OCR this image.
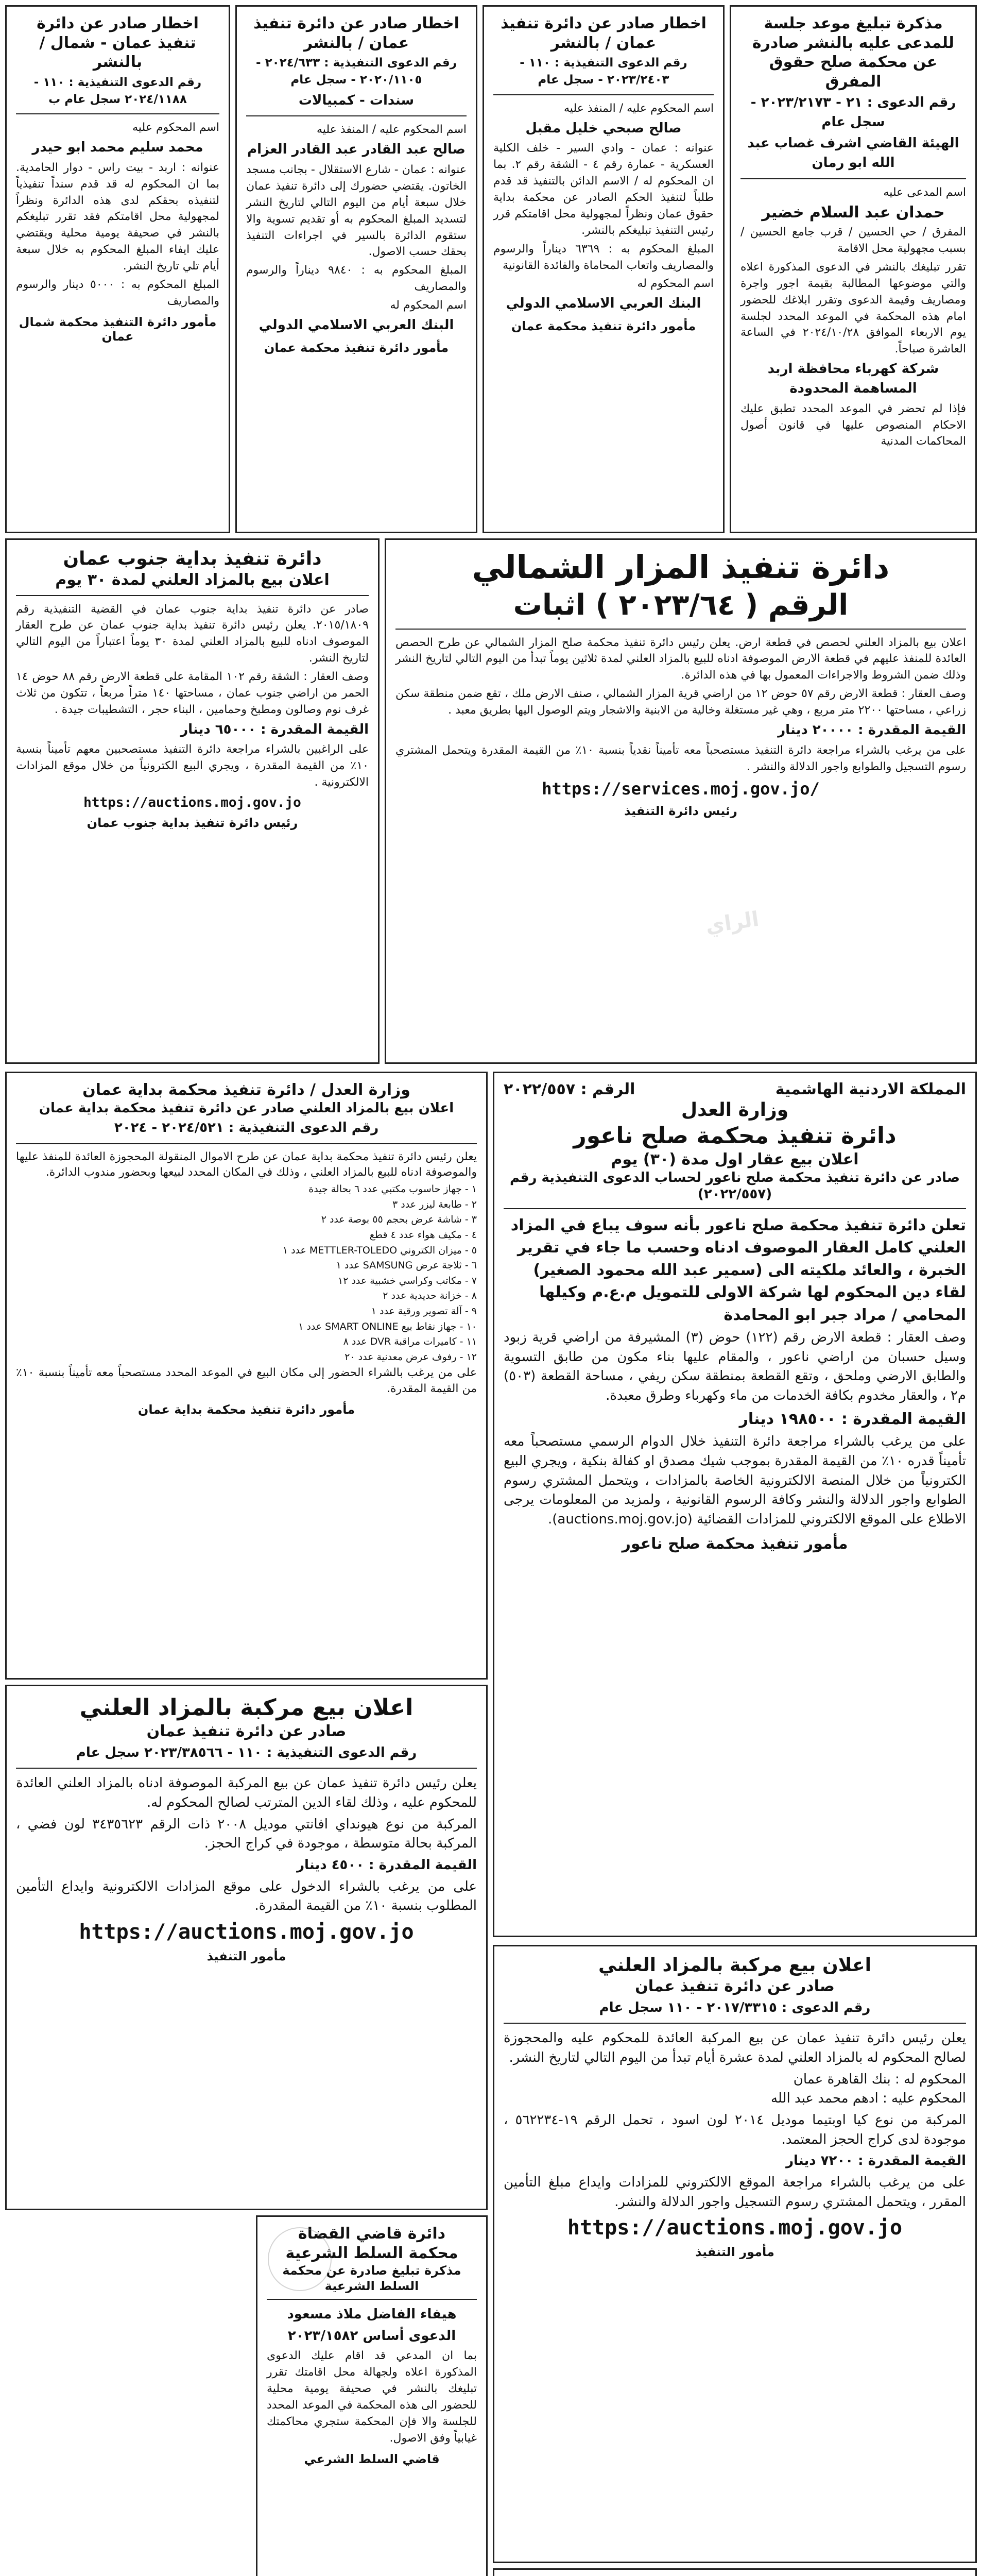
مذكرة تبليغ موعد جلسة للمدعى عليه بالنشر صادرة عن محكمة صلح حقوق المفرق
رقم الدعوى : ٢١ - ٢٠٢٣/٢١٧٣ - سجل عام
الهيئة القاضي اشرف غصاب عبد الله ابو رمان
اسم المدعى عليه
حمدان عبد السلام خضير
المفرق / حي الحسين / قرب جامع الحسين / بسبب مجهولية محل الاقامة
تقرر تبليغك بالنشر في الدعوى المذكورة اعلاه والتي موضوعها المطالبة بقيمة اجور واجرة ومصاريف وقيمة الدعوى وتقرر ابلاغك للحضور امام هذه المحكمة في الموعد المحدد لجلسة يوم الاربعاء الموافق ٢٠٢٤/١٠/٢٨ في الساعة العاشرة صباحاً.
شركة كهرباء محافظة اربد المساهمة المحدودة
فإذا لم تحضر في الموعد المحدد تطبق عليك الاحكام المنصوص عليها في قانون أصول المحاكمات المدنية
اخطار صادر عن دائرة تنفيذ عمان / بالنشر
رقم الدعوى التنفيذية : ١١٠ - ٢٠٢٣/٢٤٠٣ - سجل عام
اسم المحكوم عليه / المنفذ عليه
صالح صبحي خليل مقبل
عنوانه : عمان - وادي السير - خلف الكلية العسكرية - عمارة رقم ٤ - الشقة رقم ٢. بما ان المحكوم له / الاسم الدائن بالتنفيذ قد قدم طلباً لتنفيذ الحكم الصادر عن محكمة بداية حقوق عمان ونظراً لمجهولية محل اقامتكم قرر رئيس التنفيذ تبليغكم بالنشر.
المبلغ المحكوم به : ٦٣٦٩ ديناراً والرسوم والمصاريف واتعاب المحاماة والفائدة القانونية
اسم المحكوم له
البنك العربي الاسلامي الدولي
مأمور دائرة تنفيذ محكمة عمان
اخطار صادر عن دائرة تنفيذ عمان / بالنشر
رقم الدعوى التنفيذية : ٢٠٢٤/٦٣٣ - ٢٠٢٠/١١٠٥ - سجل عام
سندات - كمبيالات
اسم المحكوم عليه / المنفذ عليه
صالح عبد القادر عبد القادر العزام
عنوانه : عمان - شارع الاستقلال - بجانب مسجد الخاتون. يقتضي حضورك إلى دائرة تنفيذ عمان خلال سبعة أيام من اليوم التالي لتاريخ النشر لتسديد المبلغ المحكوم به أو تقديم تسوية والا ستقوم الدائرة بالسير في اجراءات التنفيذ بحقك حسب الاصول.
المبلغ المحكوم به : ٩٨٤٠ ديناراً والرسوم والمصاريف
اسم المحكوم له
البنك العربي الاسلامي الدولي
مأمور دائرة تنفيذ محكمة عمان
اخطار صادر عن دائرة تنفيذ عمان - شمال / بالنشر
رقم الدعوى التنفيذية : ١١٠ - ٢٠٢٤/١١٨٨ سجل عام ب
اسم المحكوم عليه
محمد سليم محمد ابو حيدر
عنوانه : اربد - بيت راس - دوار الحامدية. بما ان المحكوم له قد قدم سنداً تنفيذياً لتنفيذه بحقكم لدى هذه الدائرة ونظراً لمجهولية محل اقامتكم فقد تقرر تبليغكم بالنشر في صحيفة يومية محلية ويقتضي عليك ايفاء المبلغ المحكوم به خلال سبعة أيام تلي تاريخ النشر.
المبلغ المحكوم به : ٥٠٠٠ دينار والرسوم والمصاريف
مأمور دائرة التنفيذ محكمة شمال عمان
دائرة تنفيذ المزار الشمالي
الرقم ( ٢٠٢٣/٦٤ ) اثبات
اعلان بيع بالمزاد العلني لحصص في قطعة ارض. يعلن رئيس دائرة تنفيذ محكمة صلح المزار الشمالي عن طرح الحصص العائدة للمنفذ عليهم في قطعة الارض الموصوفة ادناه للبيع بالمزاد العلني لمدة ثلاثين يوماً تبدأ من اليوم التالي لتاريخ النشر وذلك ضمن الشروط والاجراءات المعمول بها في هذه الدائرة.
وصف العقار : قطعة الارض رقم ٥٧ حوض ١٢ من اراضي قرية المزار الشمالي ، صنف الارض ملك ، تقع ضمن منطقة سكن زراعي ، مساحتها ٢٢٠٠ متر مربع ، وهي غير مستغلة وخالية من الابنية والاشجار ويتم الوصول اليها بطريق معبد .
القيمة المقدرة : ٢٠٠٠٠ دينار
على من يرغب بالشراء مراجعة دائرة التنفيذ مستصحباً معه تأميناً نقدياً بنسبة ١٠٪ من القيمة المقدرة ويتحمل المشتري رسوم التسجيل والطوابع واجور الدلالة والنشر .
https://services.moj.gov.jo/
رئيس دائرة التنفيذ
الراي
دائرة تنفيذ بداية جنوب عمان
اعلان بيع بالمزاد العلني لمدة ٣٠ يوم
صادر عن دائرة تنفيذ بداية جنوب عمان في القضية التنفيذية رقم ٢٠١٥/١٨٠٩. يعلن رئيس دائرة تنفيذ بداية جنوب عمان عن طرح العقار الموصوف ادناه للبيع بالمزاد العلني لمدة ٣٠ يوماً اعتباراً من اليوم التالي لتاريخ النشر.
وصف العقار : الشقة رقم ١٠٢ المقامة على قطعة الارض رقم ٨٨ حوض ١٤ الحمر من اراضي جنوب عمان ، مساحتها ١٤٠ متراً مربعاً ، تتكون من ثلاث غرف نوم وصالون ومطبخ وحمامين ، البناء حجر ، التشطيبات جيدة .
القيمة المقدرة : ٦٥٠٠٠ دينار
على الراغبين بالشراء مراجعة دائرة التنفيذ مستصحبين معهم تأميناً بنسبة ١٠٪ من القيمة المقدرة ، ويجري البيع الكترونياً من خلال موقع المزادات الالكترونية .
https://auctions.moj.gov.jo
رئيس دائرة تنفيذ بداية جنوب عمان
المملكة الاردنية الهاشمية
الرقم : ٢٠٢٢/٥٥٧
وزارة العدل
دائرة تنفيذ محكمة صلح ناعور
اعلان بيع عقار اول مدة (٣٠) يوم
صادر عن دائرة تنفيذ محكمة صلح ناعور لحساب الدعوى التنفيذية رقم (٢٠٢٢/٥٥٧)
تعلن دائرة تنفيذ محكمة صلح ناعور بأنه سوف يباع في المزاد العلني كامل العقار الموصوف ادناه وحسب ما جاء في تقرير الخبرة ، والعائد ملكيته الى (سمير عبد الله محمود الصغير) لقاء دين المحكوم لها شركة الاولى للتمويل م.ع.م وكيلها المحامي / مراد جبر ابو المحامدة
وصف العقار : قطعة الارض رقم (١٢٢) حوض (٣) المشيرفة من اراضي قرية زبود وسيل حسبان من اراضي ناعور ، والمقام عليها بناء مكون من طابق التسوية والطابق الارضي وملحق ، وتقع القطعة بمنطقة سكن ريفي ، مساحة القطعة (٥٠٣) م٢ ، والعقار مخدوم بكافة الخدمات من ماء وكهرباء وطرق معبدة.
القيمة المقدرة : ١٩٨٥٠٠ دينار
على من يرغب بالشراء مراجعة دائرة التنفيذ خلال الدوام الرسمي مستصحباً معه تأميناً قدره ١٠٪ من القيمة المقدرة بموجب شيك مصدق او كفالة بنكية ، ويجري البيع الكترونياً من خلال المنصة الالكترونية الخاصة بالمزادات ، ويتحمل المشتري رسوم الطوابع واجور الدلالة والنشر وكافة الرسوم القانونية ، ولمزيد من المعلومات يرجى الاطلاع على الموقع الالكتروني للمزادات القضائية (auctions.moj.gov.jo).
مأمور تنفيذ محكمة صلح ناعور
وزارة العدل / دائرة تنفيذ محكمة بداية عمان
اعلان بيع بالمزاد العلني صادر عن دائرة تنفيذ محكمة بداية عمان
رقم الدعوى التنفيذية : ٢٠٢٤/٥٢١ - ٢٠٢٤
يعلن رئيس دائرة تنفيذ محكمة بداية عمان عن طرح الاموال المنقولة المحجوزة العائدة للمنفذ عليها والموصوفة ادناه للبيع بالمزاد العلني ، وذلك في المكان المحدد لبيعها وبحضور مندوب الدائرة.
١ - جهاز حاسوب مكتبي عدد ٦ بحالة جيدة
٢ - طابعة ليزر عدد ٣
٣ - شاشة عرض بحجم ٥٥ بوصة عدد ٢
٤ - مكيف هواء عدد ٤ قطع
٥ - ميزان الكتروني METTLER-TOLEDO عدد ١
٦ - ثلاجة عرض SAMSUNG عدد ١
٧ - مكاتب وكراسي خشبية عدد ١٢
٨ - خزانة حديدية عدد ٢
٩ - آلة تصوير ورقية عدد ١
١٠ - جهاز نقاط بيع SMART ONLINE عدد ١
١١ - كاميرات مراقبة DVR عدد ٨
١٢ - رفوف عرض معدنية عدد ٢٠
على من يرغب بالشراء الحضور إلى مكان البيع في الموعد المحدد مستصحباً معه تأميناً بنسبة ١٠٪ من القيمة المقدرة.
مأمور دائرة تنفيذ محكمة بداية عمان
اعلان بيع مركبة بالمزاد العلني
صادر عن دائرة تنفيذ عمان
رقم الدعوى التنفيذية : ١١٠ - ٢٠٢٣/٣٨٥٦٦ سجل عام
يعلن رئيس دائرة تنفيذ عمان عن بيع المركبة الموصوفة ادناه بالمزاد العلني العائدة للمحكوم عليه ، وذلك لقاء الدين المترتب لصالح المحكوم له.
المركبة من نوع هيونداي افانتي موديل ٢٠٠٨ ذات الرقم ٣٤٣٥٦٢٣ لون فضي ، المركبة بحالة متوسطة ، موجودة في كراج الحجز.
القيمة المقدرة : ٤٥٠٠ دينار
على من يرغب بالشراء الدخول على موقع المزادات الالكترونية وايداع التأمين المطلوب بنسبة ١٠٪ من القيمة المقدرة.
https://auctions.moj.gov.jo
مأمور التنفيذ	اعلان بيع مركبة بالمزاد العلني
صادر عن دائرة تنفيذ عمان
رقم الدعوى : ٢٠١٧/٣٣١٥ - ١١٠ سجل عام
يعلن رئيس دائرة تنفيذ عمان عن بيع المركبة العائدة للمحكوم عليه والمحجوزة لصالح المحكوم له بالمزاد العلني لمدة عشرة أيام تبدأ من اليوم التالي لتاريخ النشر.
المحكوم له : بنك القاهرة عمان
المحكوم عليه : ادهم محمد عبد الله
المركبة من نوع كيا اوبتيما موديل ٢٠١٤ لون اسود ، تحمل الرقم ١٩-٥٦٢٢٣٤ ، موجودة لدى كراج الحجز المعتمد.
القيمة المقدرة : ٧٢٠٠ دينار
على من يرغب بالشراء مراجعة الموقع الالكتروني للمزادات وايداع مبلغ التأمين المقرر ، ويتحمل المشتري رسوم التسجيل واجور الدلالة والنشر.
https://auctions.moj.gov.jo
مأمور التنفيذ
دائرة قاضي القضاة
محكمة السلط الشرعية
مذكرة تبليغ صادرة عن محكمة السلط الشرعية
هيفاء الفاضل ملاذ مسعود
الدعوى أساس ٢٠٢٣/١٥٨٢
بما ان المدعي قد اقام عليك الدعوى المذكورة اعلاه ولجهالة محل اقامتك تقرر تبليغك بالنشر في صحيفة يومية محلية للحضور الى هذه المحكمة في الموعد المحدد للجلسة والا فإن المحكمة ستجري محاكمتك غيابياً وفق الاصول.
قاضي السلط الشرعي
